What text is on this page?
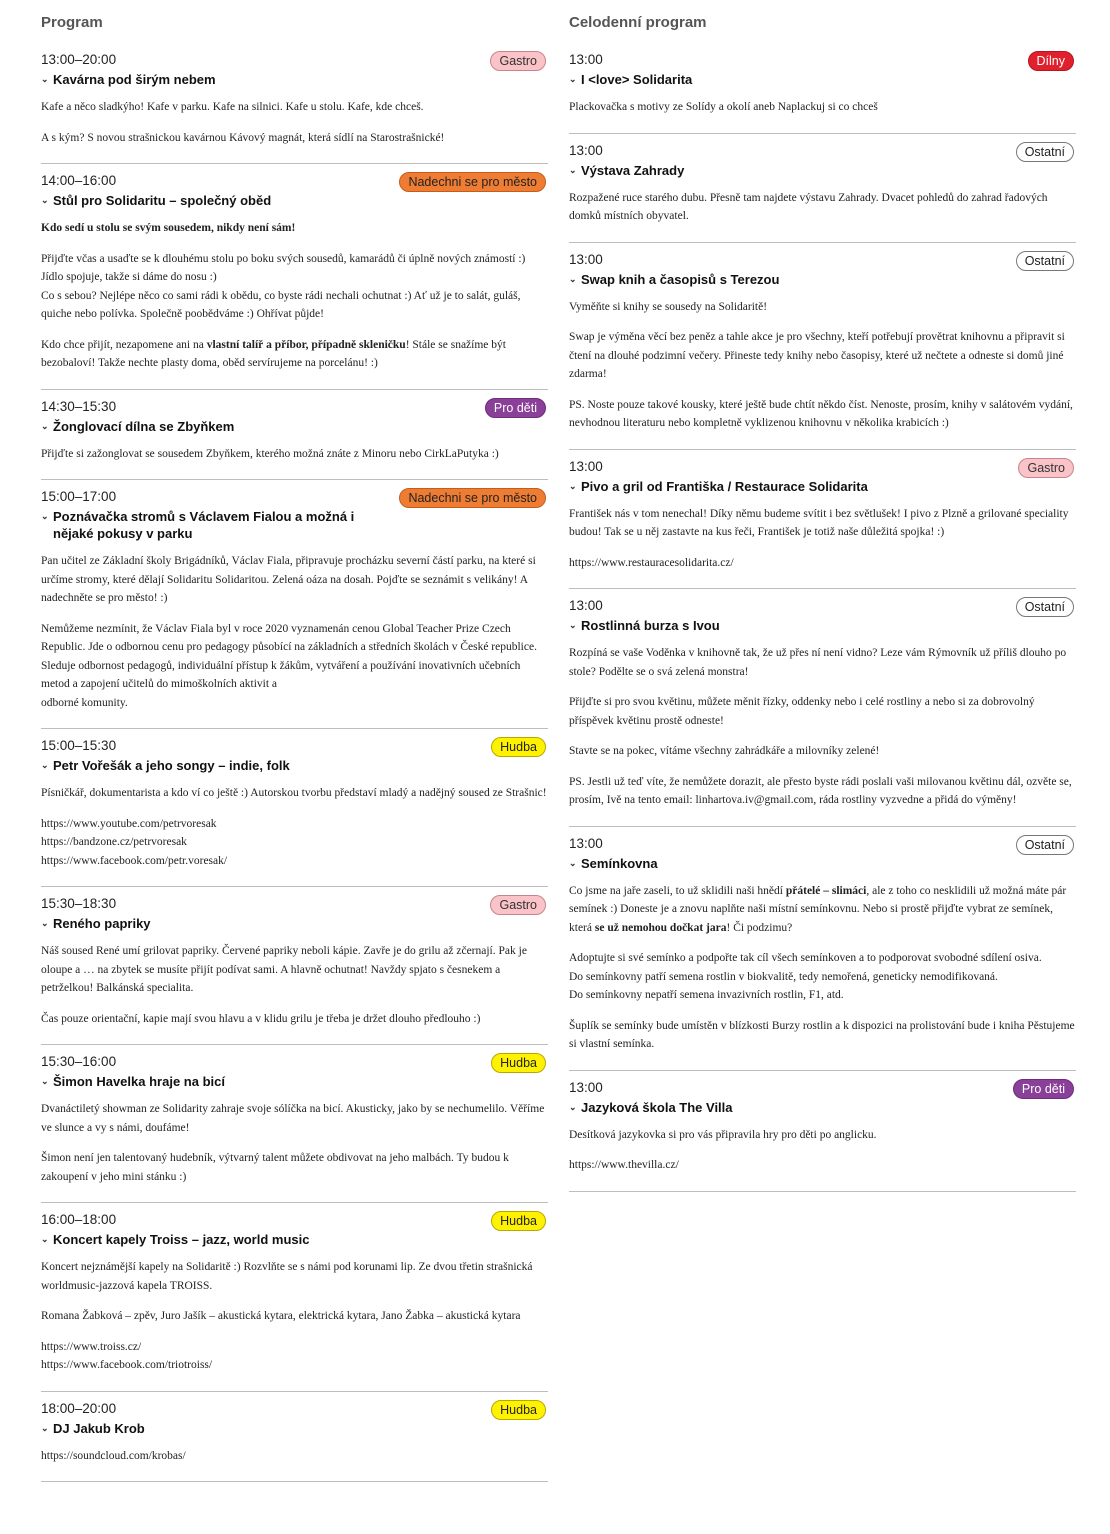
Program
13:00–20:00	Gastro
⌄ Kavárna pod širým nebem

Kafe a něco sladkýho! Kafe v parku. Kafe na silnici. Kafe u stolu. Kafe, kde chceš.

A s kým? S novou strašnickou kavárnou Kávový magnát, která sídlí na Starostrašnické!

14:00–16:00	Nadechni se pro město
⌄ Stůl pro Solidaritu – společný oběd

Kdo sedí u stolu se svým sousedem, nikdy není sám!

Přijďte včas a usaďte se k dlouhému stolu po boku svých sousedů, kamarádů či úplně nových známostí :) Jídlo spojuje, takže si dáme do nosu :)
Co s sebou? Nejlépe něco co sami rádi k obědu, co byste rádi nechali ochutnat :) Ať už je to salát, guláš, quiche nebo polívka. Společně poobědváme :) Ohřívat půjde!

Kdo chce přijít, nezapomene ani na vlastní talíř a příbor, případně skleničku! Stále se snažíme být bezobaloví! Takže nechte plasty doma, oběd servírujeme na porcelánu! :)

14:30–15:30	Pro děti
⌄ Žonglovací dílna se Zbyňkem

Přijďte si zažonglovat se sousedem Zbyňkem, kterého možná znáte z Minoru nebo CirkLaPutyka :)

15:00–17:00	Nadechni se pro město
⌄ Poznávačka stromů s Václavem Fialou a možná i nějaké pokusy v parku

Pan učitel ze Základní školy Brigádníků, Václav Fiala, připravuje procházku severní částí parku, na které si určíme stromy, které dělají Solidaritu Solidaritou. Zelená oáza na dosah. Pojďte se seznámit s velikány! A nadechněte se pro město! :)

Nemůžeme nezmínit, že Václav Fiala byl v roce 2020 vyznamenán cenou Global Teacher Prize Czech Republic. Jde o odbornou cenu pro pedagogy působící na základních a středních školách v České republice. Sleduje odbornost pedagogů, individuální přístup k žákům, vytváření a používání inovativních učebních metod a zapojení učitelů do mimoškolních aktivit a
odborné komunity.

15:00–15:30	Hudba
⌄ Petr Vořešák a jeho songy – indie, folk

Písničkář, dokumentarista a kdo ví co ještě :) Autorskou tvorbu představí mladý a nadějný soused ze Strašnic!

https://www.youtube.com/petrvoresak
https://bandzone.cz/petrvoresak
https://www.facebook.com/petr.voresak/

15:30–18:30	Gastro
⌄ Reného papriky

Náš soused René umí grilovat papriky. Červené papriky neboli kápie. Zavře je do grilu až zčernají. Pak je oloupe a … na zbytek se musíte přijít podívat sami. A hlavně ochutnat! Navždy spjato s česnekem a petrželkou! Balkánská specialita.

Čas pouze orientační, kapie mají svou hlavu a v klidu grilu je třeba je držet dlouho předlouho :)

15:30–16:00	Hudba
⌄ Šimon Havelka hraje na bicí

Dvanáctiletý showman ze Solidarity zahraje svoje sólíčka na bicí. Akusticky, jako by se nechumelilo. Věříme ve slunce a vy s námi, doufáme!

Šimon není jen talentovaný hudebník, výtvarný talent můžete obdivovat na jeho malbách. Ty budou k zakoupení v jeho mini stánku :)

16:00–18:00	Hudba
⌄ Koncert kapely Troiss – jazz, world music

Koncert nejznámější kapely na Solidaritě :) Rozvlňte se s námi pod korunami lip. Ze dvou třetin strašnická worldmusic-jazzová kapela TROISS.

Romana Žabková – zpěv, Juro Jašík – akustická kytara, elektrická kytara, Jano Žabka – akustická kytara

https://www.troiss.cz/
https://www.facebook.com/triotroiss/

18:00–20:00	Hudba
⌄ DJ Jakub Krob

https://soundcloud.com/krobas/

Celodenní program
13:00	Dílny
⌄ I <love> Solidarita

Plackovačka s motivy ze Solídy a okolí aneb Naplackuj si co chceš

13:00	Ostatní
⌄ Výstava Zahrady

Rozpažené ruce starého dubu. Přesně tam najdete výstavu Zahrady. Dvacet pohledů do zahrad řadových domků místních obyvatel.

13:00	Ostatní
⌄ Swap knih a časopisů s Terezou

Vyměňte si knihy se sousedy na Solidaritě!

Swap je výměna věcí bez peněz a tahle akce je pro všechny, kteří potřebují provětrat knihovnu a připravit si čtení na dlouhé podzimní večery. Přineste tedy knihy nebo časopisy, které už nečtete a odneste si domů jiné zdarma!

PS. Noste pouze takové kousky, které ještě bude chtít někdo číst. Nenoste, prosím, knihy v salátovém vydání, nevhodnou literaturu nebo kompletně vyklizenou knihovnu v několika krabicích :)

13:00	Gastro
⌄ Pivo a gril od Františka / Restaurace Solidarita

František nás v tom nenechal! Díky němu budeme svítit i bez světlušek! I pivo z Plzně a grilované speciality budou! Tak se u něj zastavte na kus řeči, František je totiž naše důležitá spojka! :)

https://www.restauracesolidarita.cz/

13:00	Ostatní
⌄ Rostlinná burza s Ivou

Rozpíná se vaše Voděnka v knihovně tak, že už přes ní není vidno? Leze vám Rýmovník už příliš dlouho po stole? Podělte se o svá zelená monstra!

Přijďte si pro svou květinu, můžete měnit řízky, oddenky nebo i celé rostliny a nebo si za dobrovolný příspěvek květinu prostě odneste!

Stavte se na pokec, vítáme všechny zahrádkáře a milovníky zelené!

PS. Jestli už teď víte, že nemůžete dorazit, ale přesto byste rádi poslali vaši milovanou květinu dál, ozvěte se, prosím, Ivě na tento email: linhartova.iv@gmail.com, ráda rostliny vyzvedne a přidá do výměny!

13:00	Ostatní
⌄ Semínkovna

Co jsme na jaře zaseli, to už sklidili naši hnědí přátelé – slimáci, ale z toho co nesklidili už možná máte pár semínek :) Doneste je a znovu naplňte naši místní semínkovnu. Nebo si prostě přijďte vybrat ze semínek, která se už nemohou dočkat jara! Či podzimu?

Adoptujte si své semínko a podpořte tak cíl všech semínkoven a to podporovat svobodné sdílení osiva.
Do semínkovny patří semena rostlin v biokvalitě, tedy nemořená, geneticky nemodifikovaná.
Do semínkovny nepatří semena invazivních rostlin, F1, atd.

Šuplík se semínky bude umístěn v blízkosti Burzy rostlin a k dispozici na prolistování bude i kniha Pěstujeme si vlastní semínka.

13:00	Pro děti
⌄ Jazyková škola The Villa

Desítková jazykovka si pro vás připravila hry pro děti po anglicku.

https://www.thevilla.cz/
